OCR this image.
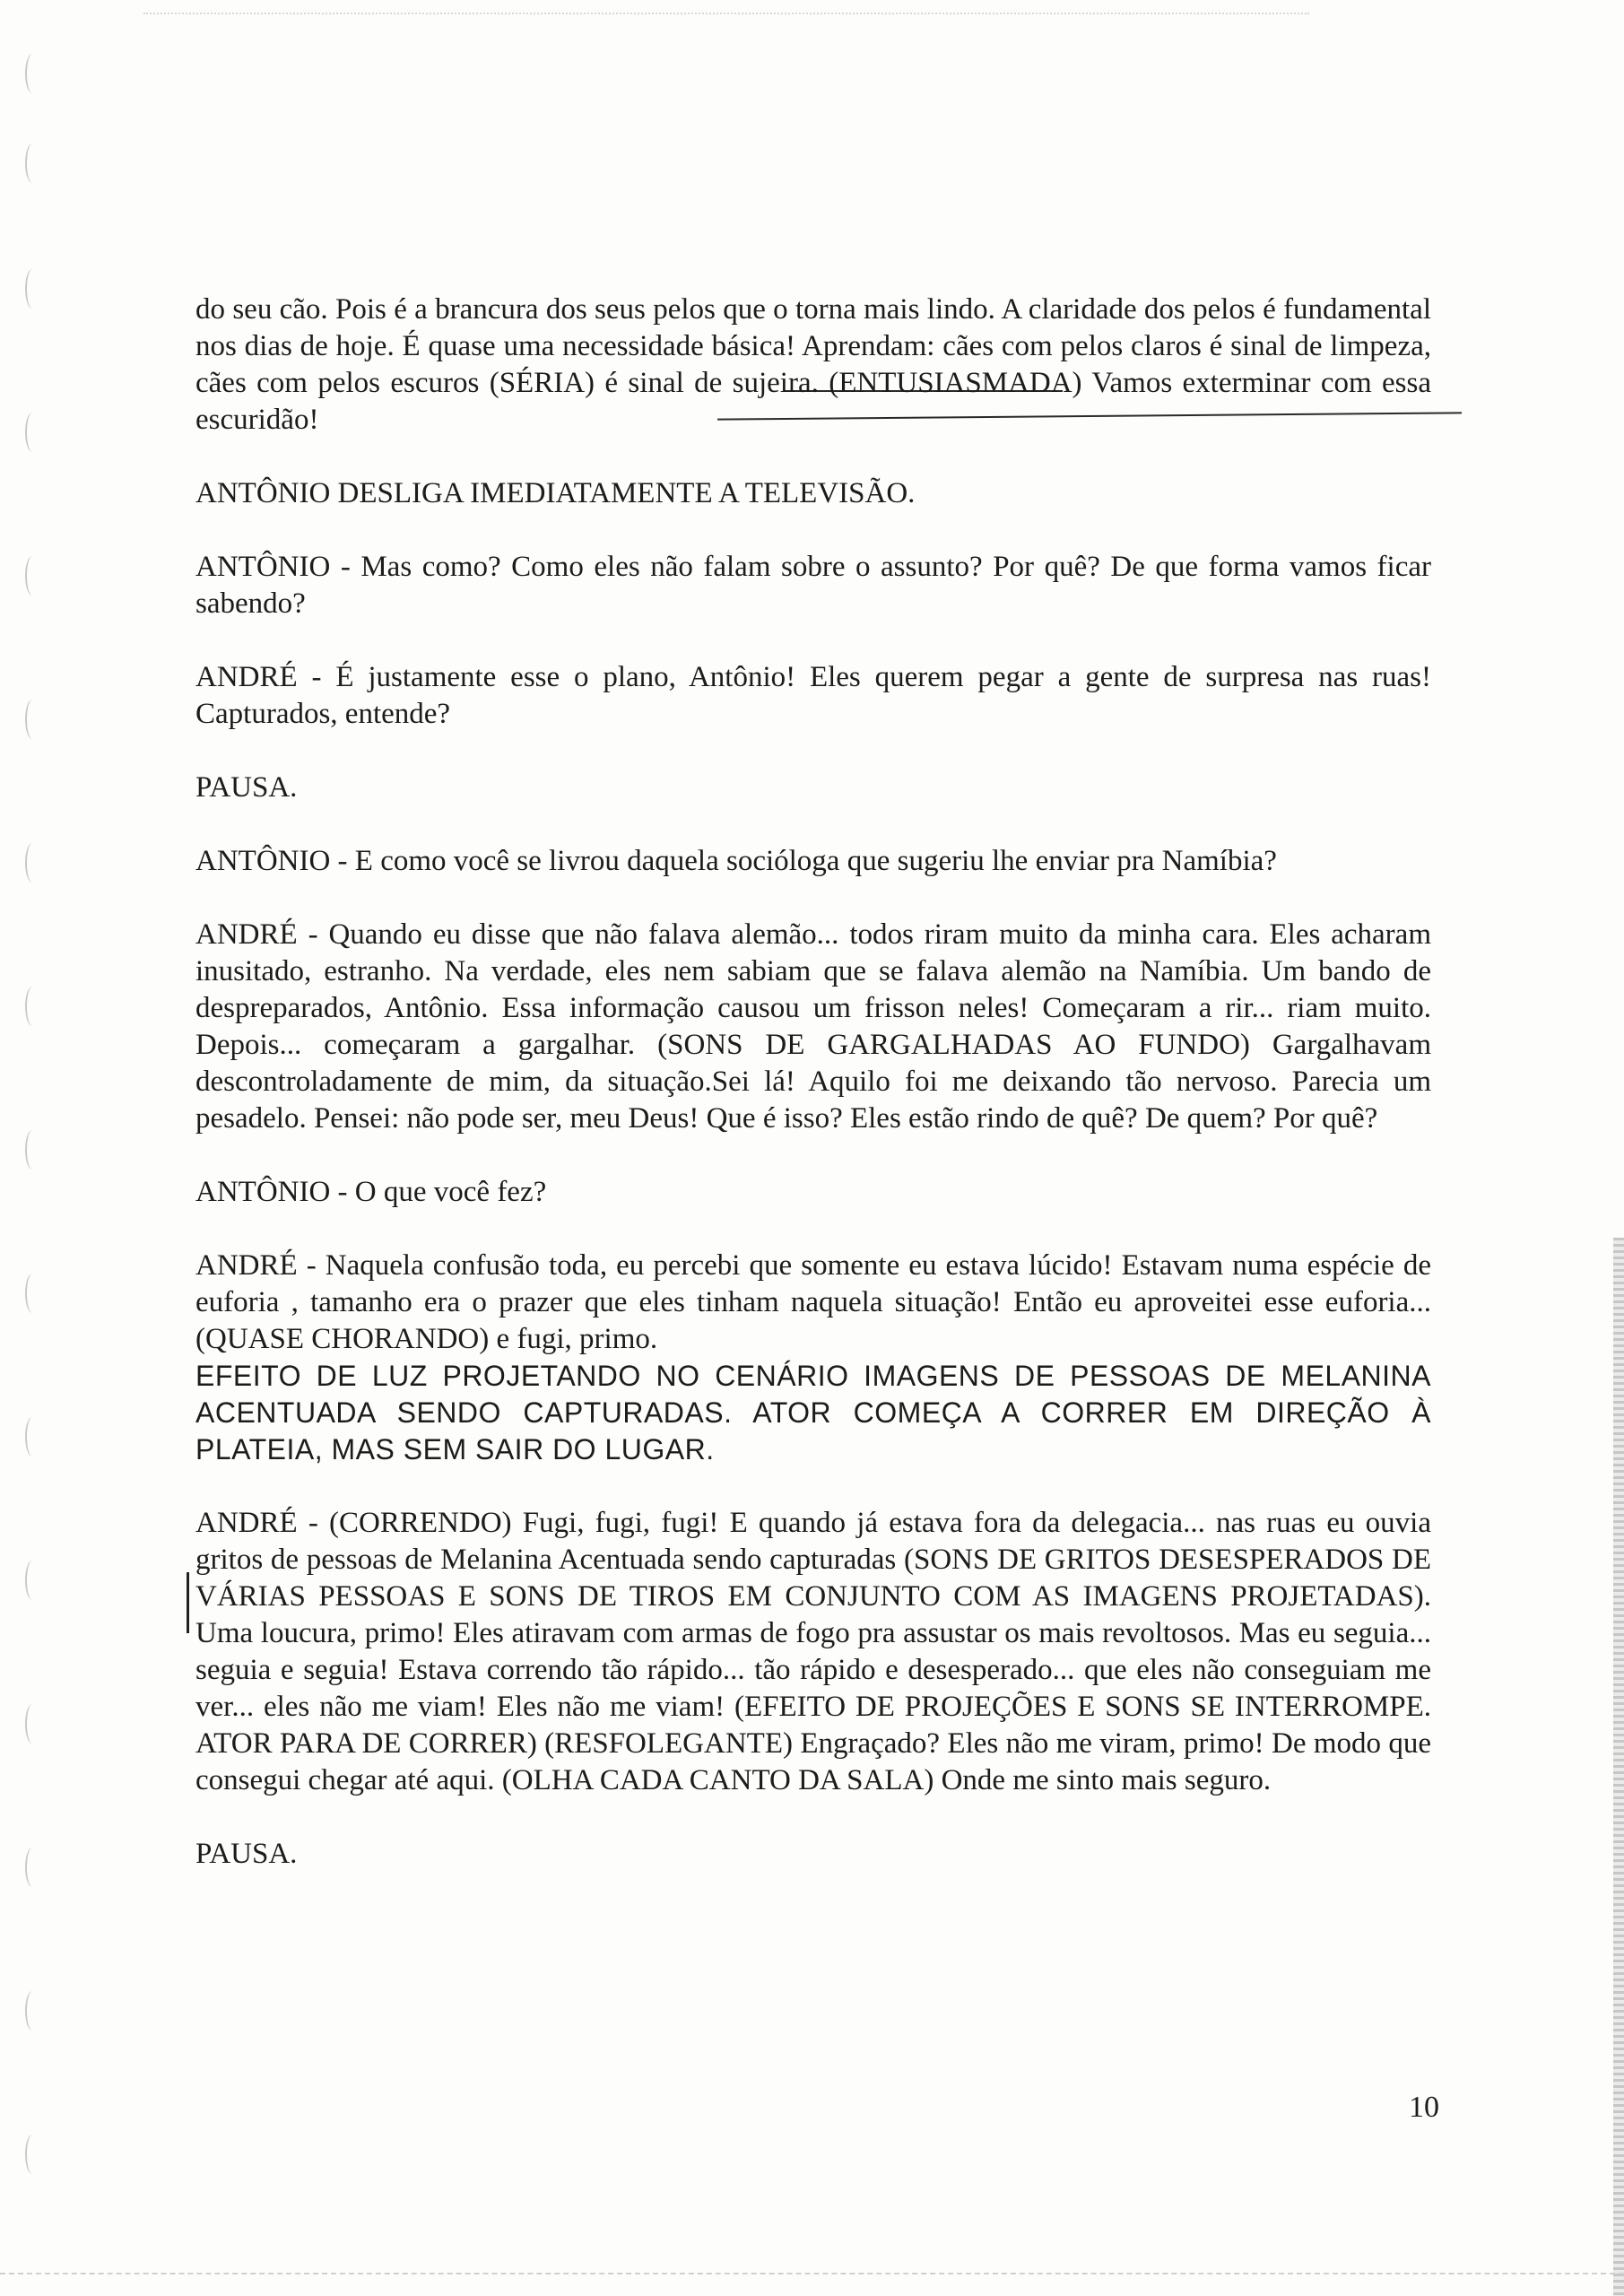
do seu cão. Pois é a brancura dos seus pelos que o torna mais lindo. A claridade dos pelos é fundamental nos dias de hoje. É quase uma necessidade básica! Aprendam: cães com pelos claros é sinal de limpeza, cães com pelos escuros (SÉRIA) é sinal de sujeira. (ENTUSIASMADA) Vamos exterminar com essa escuridão!

ANTÔNIO DESLIGA IMEDIATAMENTE A TELEVISÃO.

ANTÔNIO - Mas como? Como eles não falam sobre o assunto? Por quê? De que forma vamos ficar sabendo?

ANDRÉ - É justamente esse o plano, Antônio! Eles querem pegar a gente de surpresa nas ruas! Capturados, entende?

PAUSA.

ANTÔNIO - E como você se livrou daquela socióloga que sugeriu lhe enviar pra Namíbia?

ANDRÉ - Quando eu disse que não falava alemão... todos riram muito da minha cara. Eles acharam inusitado, estranho. Na verdade, eles nem sabiam que se falava alemão na Namíbia. Um bando de despreparados, Antônio. Essa informação causou um frisson neles! Começaram a rir... riam muito. Depois... começaram a gargalhar. (SONS DE GARGALHADAS AO FUNDO) Gargalhavam descontroladamente de mim, da situação.Sei lá! Aquilo foi me deixando tão nervoso. Parecia um pesadelo. Pensei: não pode ser, meu Deus! Que é isso? Eles estão rindo de quê? De quem? Por quê?

ANTÔNIO - O que você fez?

ANDRÉ - Naquela confusão toda, eu percebi que somente eu estava lúcido! Estavam numa espécie de euforia , tamanho era o prazer que eles tinham naquela situação! Então eu aproveitei esse euforia... (QUASE CHORANDO) e fugi, primo.

EFEITO DE LUZ PROJETANDO NO CENÁRIO IMAGENS DE PESSOAS DE MELANINA ACENTUADA SENDO CAPTURADAS. ATOR COMEÇA A CORRER EM DIREÇÃO À PLATEIA, MAS SEM SAIR DO LUGAR.

ANDRÉ - (CORRENDO) Fugi, fugi, fugi! E quando já estava fora da delegacia... nas ruas eu ouvia gritos de pessoas de Melanina Acentuada sendo capturadas (SONS DE GRITOS DESESPERADOS DE VÁRIAS PESSOAS E SONS DE TIROS EM CONJUNTO COM AS IMAGENS PROJETADAS). Uma loucura, primo! Eles atiravam com armas de fogo pra assustar os mais revoltosos. Mas eu seguia... seguia e seguia! Estava correndo tão rápido... tão rápido e desesperado... que eles não conseguiam me ver... eles não me viam! Eles não me viam! (EFEITO DE PROJEÇÕES E SONS SE INTERROMPE. ATOR PARA DE CORRER) (RESFOLEGANTE) Engraçado? Eles não me viram, primo! De modo que consegui chegar até aqui. (OLHA CADA CANTO DA SALA) Onde me sinto mais seguro.

PAUSA.

10
